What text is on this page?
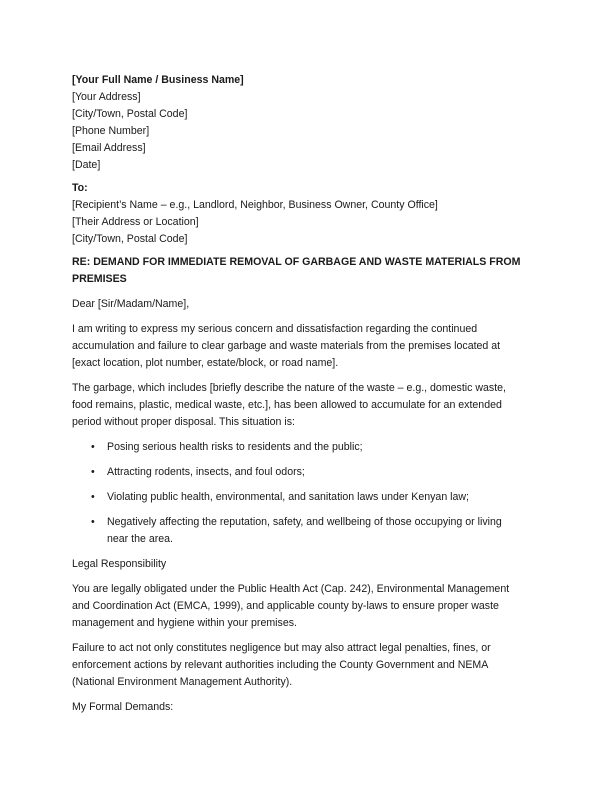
[Your Full Name / Business Name]
[Your Address]
[City/Town, Postal Code]
[Phone Number]
[Email Address]
[Date]
To:
[Recipient’s Name – e.g., Landlord, Neighbor, Business Owner, County Office]
[Their Address or Location]
[City/Town, Postal Code]
RE: DEMAND FOR IMMEDIATE REMOVAL OF GARBAGE AND WASTE MATERIALS FROM
PREMISES
Dear [Sir/Madam/Name],
I am writing to express my serious concern and dissatisfaction regarding the continued
accumulation and failure to clear garbage and waste materials from the premises located at
[exact location, plot number, estate/block, or road name].
The garbage, which includes [briefly describe the nature of the waste – e.g., domestic waste,
food remains, plastic, medical waste, etc.], has been allowed to accumulate for an extended
period without proper disposal. This situation is:
• Posing serious health risks to residents and the public;
• Attracting rodents, insects, and foul odors;
• Violating public health, environmental, and sanitation laws under Kenyan law;
• Negatively affecting the reputation, safety, and wellbeing of those occupying or living
near the area.
Legal Responsibility
You are legally obligated under the Public Health Act (Cap. 242), Environmental Management
and Coordination Act (EMCA, 1999), and applicable county by-laws to ensure proper waste
management and hygiene within your premises.
Failure to act not only constitutes negligence but may also attract legal penalties, fines, or
enforcement actions by relevant authorities including the County Government and NEMA
(National Environment Management Authority).
My Formal Demands:
